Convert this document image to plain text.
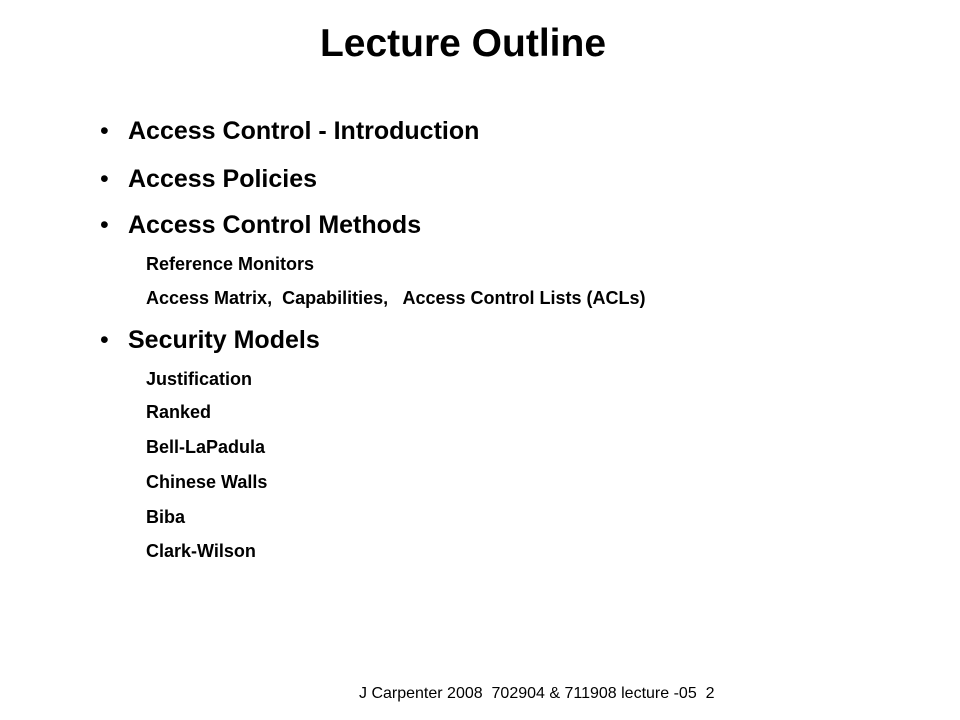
Lecture Outline
• Access Control - Introduction
• Access Policies
• Access Control Methods
Reference Monitors
Access Matrix,  Capabilities,   Access Control Lists (ACLs)
• Security Models
Justification
Ranked
Bell-LaPadula
Chinese Walls
Biba
Clark-Wilson
J Carpenter 2008  702904 & 711908 lecture -05  2
